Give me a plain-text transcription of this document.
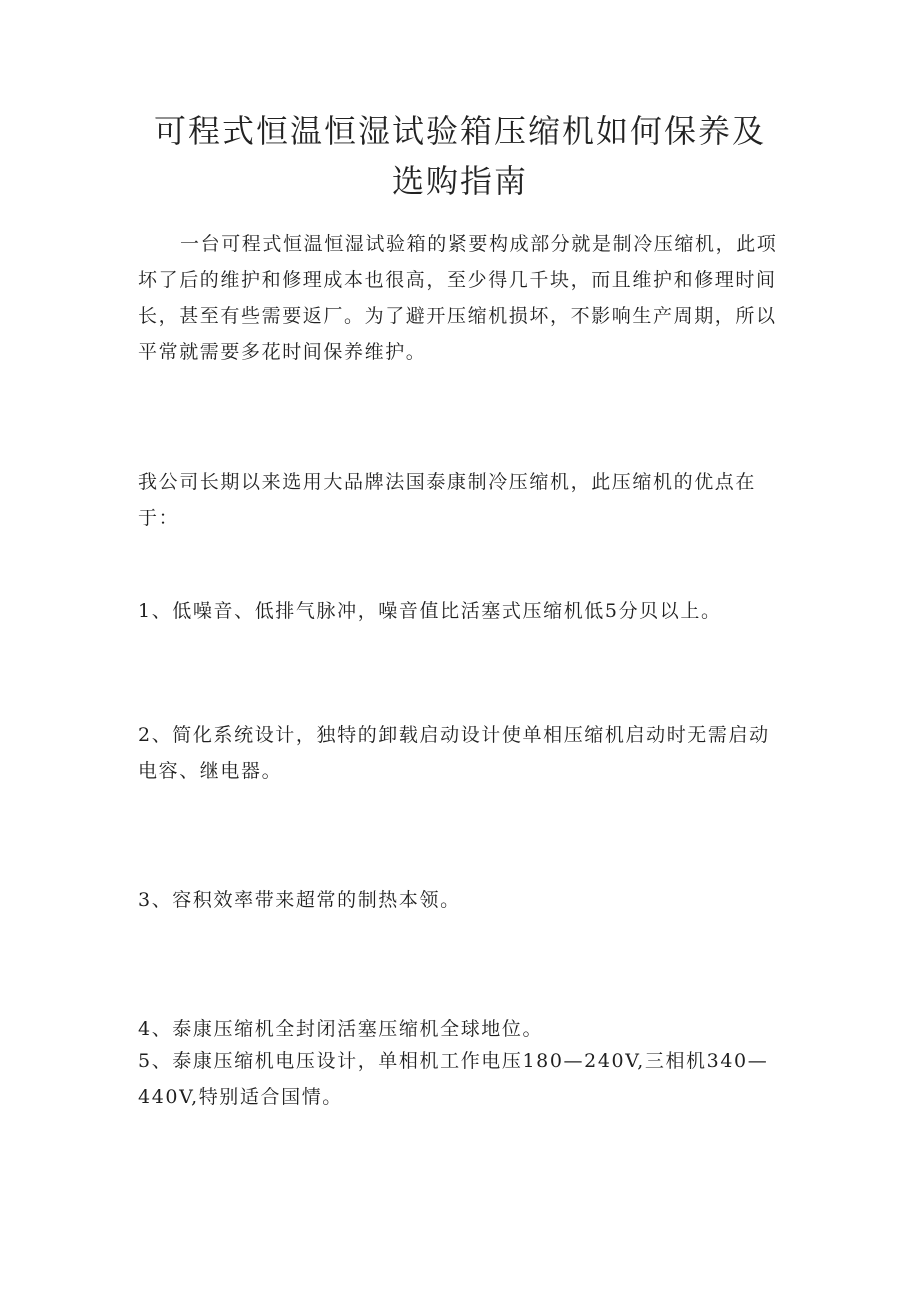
可程式恒温恒湿试验箱压缩机如何保养及选购指南

一台可程式恒温恒湿试验箱的紧要构成部分就是制冷压缩机，此项坏了后的维护和修理成本也很高，至少得几千块，而且维护和修理时间长，甚至有些需要返厂。为了避开压缩机损坏，不影响生产周期，所以平常就需要多花时间保养维护。

我公司长期以来选用大品牌法国泰康制冷压缩机，此压缩机的优点在于：

1、低噪音、低排气脉冲，噪音值比活塞式压缩机低5分贝以上。

2、简化系统设计，独特的卸载启动设计使单相压缩机启动时无需启动电容、继电器。

3、容积效率带来超常的制热本领。

4、泰康压缩机全封闭活塞压缩机全球地位。

5、泰康压缩机电压设计，单相机工作电压180—240V,三相机340—440V,特别适合国情。
